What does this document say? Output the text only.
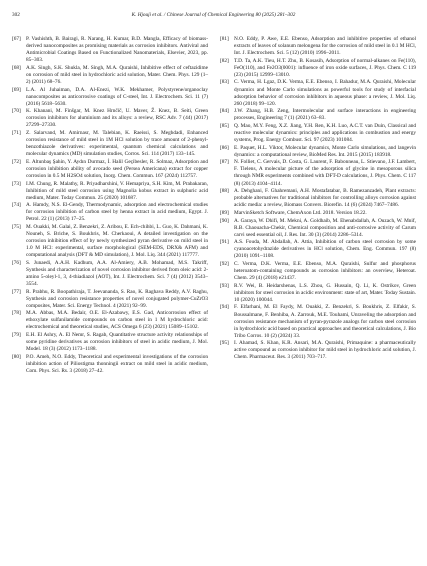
302	K. Hjouji et al. / Chinese Journal of Chemical Engineering 80 (2025) 281–302
[67] P. Vashishth, B. Bairagi, R. Narang, H. Kumar, B.D. Mangla, Efficacy of biomass-derived nanocomposites as promising materials as corrosion inhibitors. Antiviral and Antimicrobial Coatings Based on Functionalized Nanomaterials, Elsevier, 2023, pp. 85–303.
[68] A.K. Singh, S.K. Shukla, M. Singh, M.A. Quraishi, Inhibitive effect of ceftazidime on corrosion of mild steel in hydrochloric acid solution, Mater. Chem. Phys. 129 (1–2) (2011) 68–76.
[69] L.A. Al Juhaiman, D.A. Al-Enezi, W.K. Mekhamer, Polystyrene/organoclay nanocomposites as anticorrosive coatings of C-steel, Int. J. Electrochem. Sci. 11 (7) (2016) 5618–5630.
[70] K. Khanani, M. Finšgar, M. Knez Hrnčič, U. Maver, Ž. Knez, B. Seiti, Green corrosion inhibitors for aluminium and its alloys: a review, RSC Adv. 7 (44) (2017) 27299–27330.
[71] Z. Salarvand, M. Amirnasr, M. Talebian, K. Raeissi, S. Meghdadi, Enhanced corrosion resistance of mild steel in 1M HCl solution by trace amount of 2-phenyl-benzothiazole derivatives: experimental, quantum chemical calculations and molecular dynamics (MD) simulation studies, Corros. Sci. 114 (2017) 133–145.
[72] E. Altunbaş Şahin, Y. Aydın Durmaz, İ. Halil Geçibesler, R. Solmaz, Adsorption and corrosion inhibition ability of avocado seed (Persea Americana) extract for copper corrosion in 0.5 M H2SO4 solution, Inorg. Chem. Commun. 167 (2024) 112757.
[73] I.M. Chung, R. Malathy, R. Priyadharshini, V. Hemapriya, S.H. Kim, M. Prabakaran, Inhibition of mild steel corrosion using Magnolia kobus extract in sulphuric acid medium, Mater. Today Commun. 25 (2020) 101687.
[74] A. Hamdy, N.S. El-Gendy, Thermodynamic, adsorption and electrochemical studies for corrosion inhibition of carbon steel by henna extract in acid medium, Egypt. J. Petrol. 22 (1) (2013) 17–25.
[75] M. Ouakki, M. Galai, Z. Benzekri, Z. Aribou, E. Ech-chihbi, L. Guo, K. Dahmani, K. Nouneh, S. Briche, S. Boukhris, M. Cherkaoui, A detailed investigation on the corrosion inhibition effect of by newly synthesized pyran derivative on mild steel in 1.0 M HCl: experimental, surface morphological (SEM-EDS, DRX& AFM) and computational analysis (DFT & MD simulation), J. Mol. Liq. 344 (2021) 117777.
[76] S. Junaedi, A.A.H. Kadhum, A.A. Al-Amiery, A.B. Mohamad, M.S. Takriff, Synthesis and characterization of novel corrosion inhibitor derived from oleic acid: 2-amino 5-oleyl-1, 3, 4-thiadiazol (AOT), Int. J. Electrochem. Sci. 7 (4) (2012) 3543–3554.
[77] R. Prabhu, R. Boopathiraja, T. Jeevananda, S. Rao, K. Raghava Reddy, A.V. Raghu, Synthesis and corrosion resistance properties of novel conjugated polymer-CuZrO3 composites, Mater. Sci. Energy Technol. 4 (2021) 92–99.
[78] M.A. Abbas, M.A. Bedair, O.E. El-Azabawy, E.S. Gad, Anticorrosion effect of ethoxylate sulfanilamide compounds on carbon steel in 1 M hydrochloric acid: electrochemical and theoretical studies, ACS Omega 6 (23) (2021) 15089–15102.
[79] E.H. El Ashry, A. El Nemr, S. Ragab, Quantitative structure activity relationships of some pyridine derivatives as corrosion inhibitors of steel in acidic medium, J. Mol. Model. 18 (3) (2012) 1173–1188.
[80] P.O. Ameh, N.O. Eddy, Theoretical and experimental investigations of the corrosion inhibition action of Piliostigma thonningii extract on mild steel in acidic medium, Com. Phys. Sci. Rs. 3 (2018) 27–42.
[81] N.O. Eddy, P. Awe, E.E. Ebenso, Adsorption and inhibitive properties of ethanol extracts of leaves of solanum melongena for the corrosion of mild steel in 0.1 M HCl, Int. J. Electrochem. Sci. 5 (12) (2010) 1996–2011.
[82] T.D. Ta, A.K. Tieu, H.T. Zhu, B. Kosasih, Adsorption of normal-alkanes on Fe(110), FeO(110), and Fe2O3(0001): influence of iron oxide surfaces, J. Phys. Chem. C 119 (23) (2015) 12999–13010.
[83] C. Verma, H. Lgaz, D.K. Verma, E.E. Ebenso, I. Bahadur, M.A. Quraishi, Molecular dynamics and Monte Carlo simulations as powerful tools for study of interfacial adsorption behavior of corrosion inhibitors in aqueous phase: a review, J. Mol. Liq. 260 (2018) 99–120.
[84] J.W. Zhang, H.B. Zeng, Intermolecular and surface interactions in engineering processes, Engineering 7 (1) (2021) 63–83.
[85] Q. Mao, M.Y. Feng, X.Z. Jiang, Y.H. Ren, K.H. Luo, A.C.T. van Duin, Classical and reactive molecular dynamics: principles and applications in combustion and energy systems, Prog. Energy Combust. Sci. 97 (2023) 101084.
[86] E. Paquet, H.L. Viktor, Molecular dynamics, Monte Carlo simulations, and langevin dynamics: a computational review, BioMed Res. Int. 2015 (2015) 183918.
[87] N. Folliet, C. Gervais, D. Costa, G. Laurent, F. Babonneau, L. Stievano, J.F. Lambert, F. Tielens, A molecular picture of the adsorption of glycine in mesoporous silica through NMR experiments combined with DFT-D calculations, J. Phys. Chem. C 117 (8) (2013) 4104–4114.
[88] A. Dehghani, F. Ghahremani, A.H. Mostafatabar, B. Ramezanzadeh, Plant extracts: probable alternatives for traditional inhibitors for controlling alloys corrosion against acidic media: a review, Biomass Convers. Biorefin. 14 (6) (2024) 7467–7486.
[89] MarvinSketch Software, ChemAxon Ltd. 2018. Version 18.22.
[90] A. Garaya, W. Dhifi, M. Mekni, A. Goldhaib, M. Ehenabdallah, A. Ouzach, W. Mnif, R.B. Chaouacha-Chekir, Chemical composition and anti-corrosive activity of Carum carvi seed essential oil, J. Res. Int. 30 (3) (2014) 2286–5314.
[91] A.S. Fouda, M. Abdallah, A. Attia, Inhibition of carbon steel corrosion by some cyanoacetohydrazide derivatives in HCl solution, Chem. Eng. Commun. 197 (8) (2010) 1091–1108.
[92] C. Verma, D.K. Verma, E.E. Ebenso, M.A. Quraishi, Sulfur and phosphorus heteroatom-containing compounds as corrosion inhibitors: an overview, Heteroat. Chem. 29 (4) (2018) e21437.
[93] R.V. Wei, B. Heidarshenas, L.S. Zhou, G. Hussain, Q. Li, K. Ostrikov, Green inhibitors for steel corrosion in acidic environment: state of art, Mater. Today Sustain. 10 (2020) 100044.
[94] F. Elfarhani, M. El Faydy, M. Ouakki, Z. Benzekri, S. Boukhris, Z. Elfakir, S. Boussalmane, F. Benhiba, A. Zarrouk, M.E. Touhami, Unraveling the adsorption and corrosion resistance mechanism of pyran-pyrazole analogs for carbon steel corrosion in hydrochloric acid based on practical approaches and theoretical calculations, J. Bio Tribo Corros. 10 (2) (2024) 33.
[95] I. Ahamad, S. Khan, K.R. Ansari, M.A. Quraishi, Primaquine: a pharmaceutically active compound as corrosion inhibitor for mild steel in hydrochloric acid solution, J. Chem. Pharmaceut. Res. 3 (2011) 703–717.
